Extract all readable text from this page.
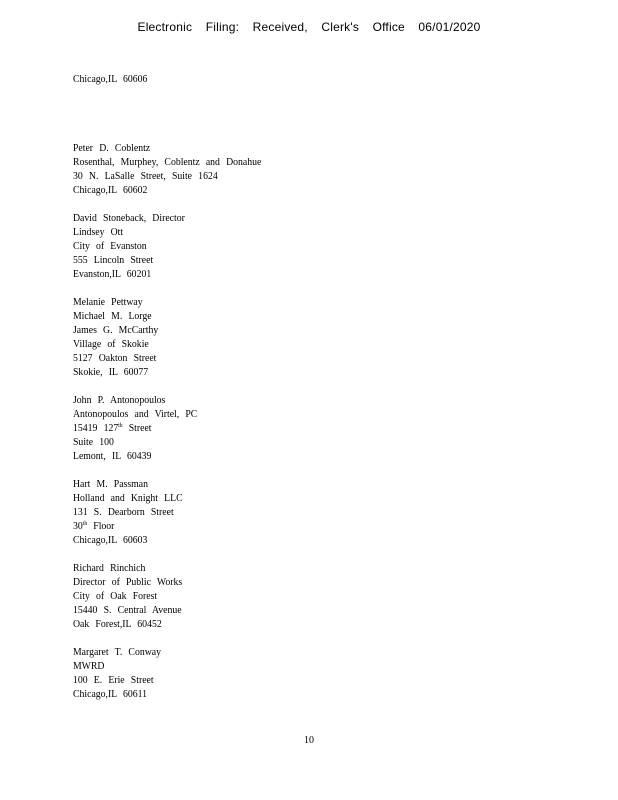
Electronic Filing: Received, Clerk's Office 06/01/2020
Chicago,IL 60606
Peter D. Coblentz
Rosenthal, Murphey, Coblentz and Donahue
30 N. LaSalle Street, Suite 1624
Chicago,IL 60602
David Stoneback, Director
Lindsey Ott
City of Evanston
555 Lincoln Street
Evanston,IL 60201
Melanie Pettway
Michael M. Lorge
James G. McCarthy
Village of Skokie
5127 Oakton Street
Skokie, IL 60077
John P. Antonopoulos
Antonopoulos and Virtel, PC
15419 127th Street
Suite 100
Lemont, IL 60439
Hart M. Passman
Holland and Knight LLC
131 S. Dearborn Street
30th Floor
Chicago,IL 60603
Richard Rinchich
Director of Public Works
City of Oak Forest
15440 S. Central Avenue
Oak Forest,IL 60452
Margaret T. Conway
MWRD
100 E. Erie Street
Chicago,IL 60611
10
